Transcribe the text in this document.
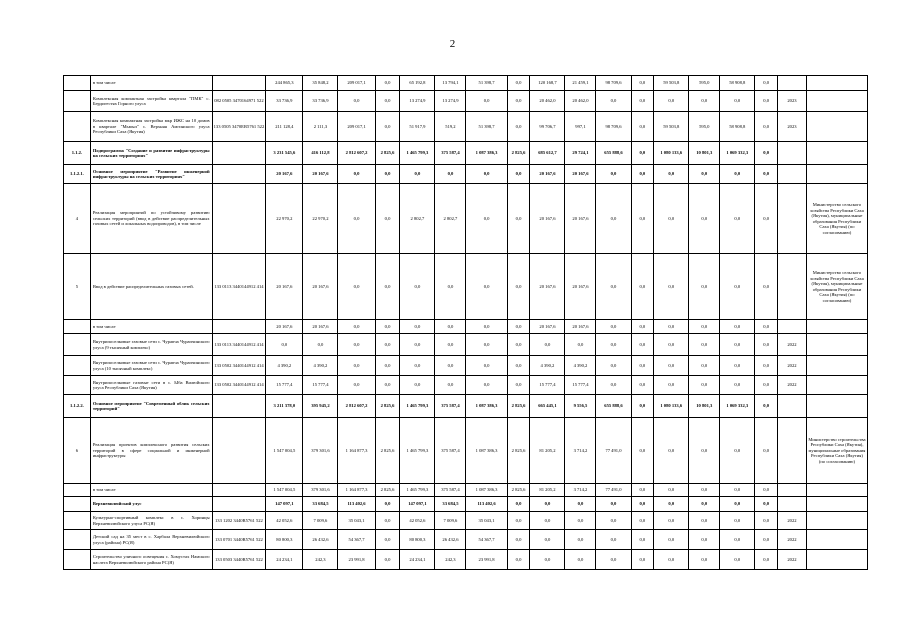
2
	в том числе		244 865,3	35 848,2	209 017,1	0,0	65 192,8	13 794,1	51 398,7	0,0	120 168,7	21 459,1	98 709,6	0,0	59 503,8	595,0	58 908,8	0,0		
	Комплексная компактная застройка квартала "ПМК" с. Бердигестях Горного улуса	082 0505 3470164971 522	33 736,9	33 736,9	0,0	0,0	13 274,9	13 274,9	0,0	0,0	20 462,0	20 462,0	0,0	0,0	0,0	0,0	0,0	0,0	2023	
	Комплексная компактная застройка мкр ИЖС на 10 домов в квартале "Мьмыл" с. Верхняя Амгинского улуса Республики Саха (Якутия)	133 0505 3470ER5761 522	211 128,4	2 111,3	209 017,1	0,0	51 917,9	519,2	51 398,7	0,0	99 706,7	997,1	98 709,6	0,0	59 503,8	595,0	58 908,8	0,0	2023	
1.1.2.	Подпрограмма "Создание и развитие инфраструктуры на сельских территориях"		3 231 545,6	416 112,8	2 812 607,2	2 825,6	1 465 799,3	375 587,4	1 087 386,3	2 825,6	685 612,7	29 724,1	655 888,6	0,0	1 080 133,6	10 801,3	1 069 332,3	0,0		
1.1.2.1.	Основное мероприятие "Развитие инженерной инфраструктуры на сельских территориях"		20 167,6	20 167,6	0,0	0,0	0,0	0,0	0,0	0,0	20 167,6	20 167,6	0,0	0,0	0,0	0,0	0,0	0,0		
4	Реализация мероприятий по устойчивому развитию сельских территорий (ввод в действие распределительных газовых сетей и локальных водопроводов), в том числе		22 970,2	22 970,2	0,0	0,0	2 802,7	2 802,7	0,0	0,0	20 167,6	20 167,6	0,0	0,0	0,0	0,0	0,0	0,0		Министерство сельского хозяйства Республики Саха (Якутия), муниципальные образования Республики Саха (Якутия) (по согласованию)
5	Ввод в действие распределительных газовых сетей.	133 0113 3440144912 414	20 167,6	20 167,6	0,0	0,0	0,0	0,0	0,0	0,0	20 167,6	20 167,6	0,0	0,0	0,0	0,0	0,0	0,0		Министерство сельского хозяйства Республики Саха (Якутия), муниципальные образования Республики Саха (Якутия) (по согласованию)
	в том числе		20 167,6	20 167,6	0,0	0,0	0,0	0,0	0,0	0,0	20 167,6	20 167,6	0,0	0,0	0,0	0,0	0,0	0,0		
	Внутрипоселковые газовые сети с. Чурапча Чурапчинского улуса (9 тысячный комплекс)	133 0113 3440144912 414	0,0	0,0	0,0	0,0	0,0	0,0	0,0	0,0	0,0	0,0	0,0	0,0	0,0	0,0	0,0	0,0	2022	
	Внутрипоселковые газовые сети с. Чурапча Чурапчинского улуса (10 тысячный комплекс)	133 0502 3440144912 414	4 390,2	4 390,2	0,0	0,0	0,0	0,0	0,0	0,0	4 390,2	4 390,2	0,0	0,0	0,0	0,0	0,0	0,0	2022	
	Внутрипоселковые газовые сети в с. Ыба Вилюйского улуса Республики Саха (Якутия)	133 0502 3440144912 414	15 777,4	15 777,4	0,0	0,0	0,0	0,0	0,0	0,0	15 777,4	15 777,4	0,0	0,0	0,0	0,0	0,0	0,0	2022	
1.1.2.2.	Основное мероприятие "Современный облик сельских территорий"		3 211 378,0	395 945,2	2 812 607,2	2 825,6	1 465 799,3	375 587,4	1 087 386,3	2 825,6	665 445,1	9 556,5	655 888,6	0,0	1 080 133,6	10 801,3	1 069 332,3	0,0		
6	Реализация проектов комплексного развития сельских территорий в сфере социальной и инженерной инфраструктуры		1 547 004,5	379 301,6	1 164 877,3	2 825,6	1 465 799,3	375 587,4	1 087 386,3	2 825,6	81 205,2	3 714,2	77 491,0	0,0	0,0	0,0	0,0	0,0		Министерство строительства Республики Саха (Якутия), муниципальные образования Республики Саха (Якутия) (по согласованию)
	в том числе		1 547 004,5	379 301,6	1 164 877,3	2 825,6	1 465 799,3	375 587,4	1 087 386,3	2 825,6	81 205,2	3 714,2	77 491,0	0,0	0,0	0,0	0,0	0,0		
	Верхневилюйский улус		147 097,1	33 684,5	113 402,6	0,0	147 097,1	33 684,5	113 402,6	0,0	0,0	0,0	0,0	0,0	0,0	0,0	0,0	0,0		
	Культурно-спортивный комплекс в с. Хоринцы Верхневилюйского улуса РС(Я)	133 1202 3440R5761 522	42 052,6	7 009,6	35 043,1	0,0	42 052,6	7 009,6	35 043,1	0,0	0,0	0,0	0,0	0,0	0,0	0,0	0,0	0,0	2022	
	Детский сад на 35 мест в с. Харбала Верхневилюйского улуса (района) РС(Я)	133 0701 3440R5761 522	80 800,3	26 432,6	54 367,7	0,0	80 800,3	26 432,6	54 367,7	0,0	0,0	0,0	0,0	0,0	0,0	0,0	0,0	0,0	2022	
	Строительство уличного освещения с. Хомустах Намского наслега Верхневилюйского района РС(Я)	133 0503 3440R5761 522	24 234,1	242,3	23 991,8	0,0	24 234,1	242,3	23 991,8	0,0	0,0	0,0	0,0	0,0	0,0	0,0	0,0	0,0	2022	
